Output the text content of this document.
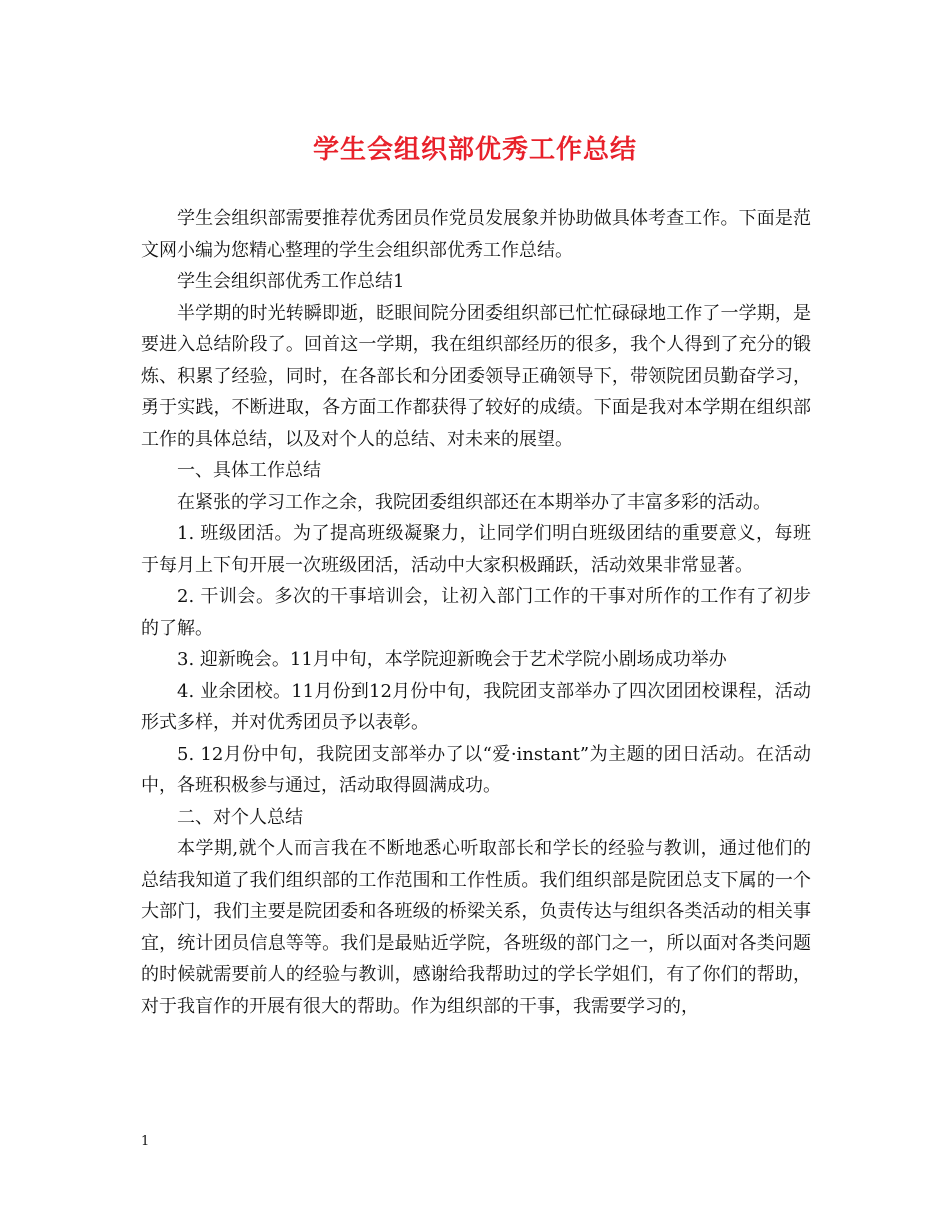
学生会组织部优秀工作总结

学生会组织部需要推荐优秀团员作党员发展象并协助做具体考查工作。下面是范文网小编为您精心整理的学生会组织部优秀工作总结。

学生会组织部优秀工作总结1

半学期的时光转瞬即逝，眨眼间院分团委组织部已忙忙碌碌地工作了一学期，是要进入总结阶段了。回首这一学期，我在组织部经历的很多，我个人得到了充分的锻炼、积累了经验，同时，在各部长和分团委领导正确领导下，带领院团员勤奋学习，勇于实践，不断进取，各方面工作都获得了较好的成绩。下面是我对本学期在组织部工作的具体总结，以及对个人的总结、对未来的展望。

一、具体工作总结

在紧张的学习工作之余，我院团委组织部还在本期举办了丰富多彩的活动。

1. 班级团活。为了提高班级凝聚力，让同学们明白班级团结的重要意义，每班于每月上下旬开展一次班级团活，活动中大家积极踊跃，活动效果非常显著。

2. 干训会。多次的干事培训会，让初入部门工作的干事对所作的工作有了初步的了解。

3. 迎新晚会。11月中旬，本学院迎新晚会于艺术学院小剧场成功举办

4. 业余团校。11月份到12月份中旬，我院团支部举办了四次团团校课程，活动形式多样，并对优秀团员予以表彰。

5. 12月份中旬，我院团支部举办了以“爱·instant”为主题的团日活动。在活动中，各班积极参与通过，活动取得圆满成功。

二、对个人总结

本学期,就个人而言我在不断地悉心听取部长和学长的经验与教训，通过他们的总结我知道了我们组织部的工作范围和工作性质。我们组织部是院团总支下属的一个大部门，我们主要是院团委和各班级的桥梁关系，负责传达与组织各类活动的相关事宜，统计团员信息等等。我们是最贴近学院，各班级的部门之一，所以面对各类问题的时候就需要前人的经验与教训，感谢给我帮助过的学长学姐们，有了你们的帮助，对于我盲作的开展有很大的帮助。作为组织部的干事，我需要学习的，

1
